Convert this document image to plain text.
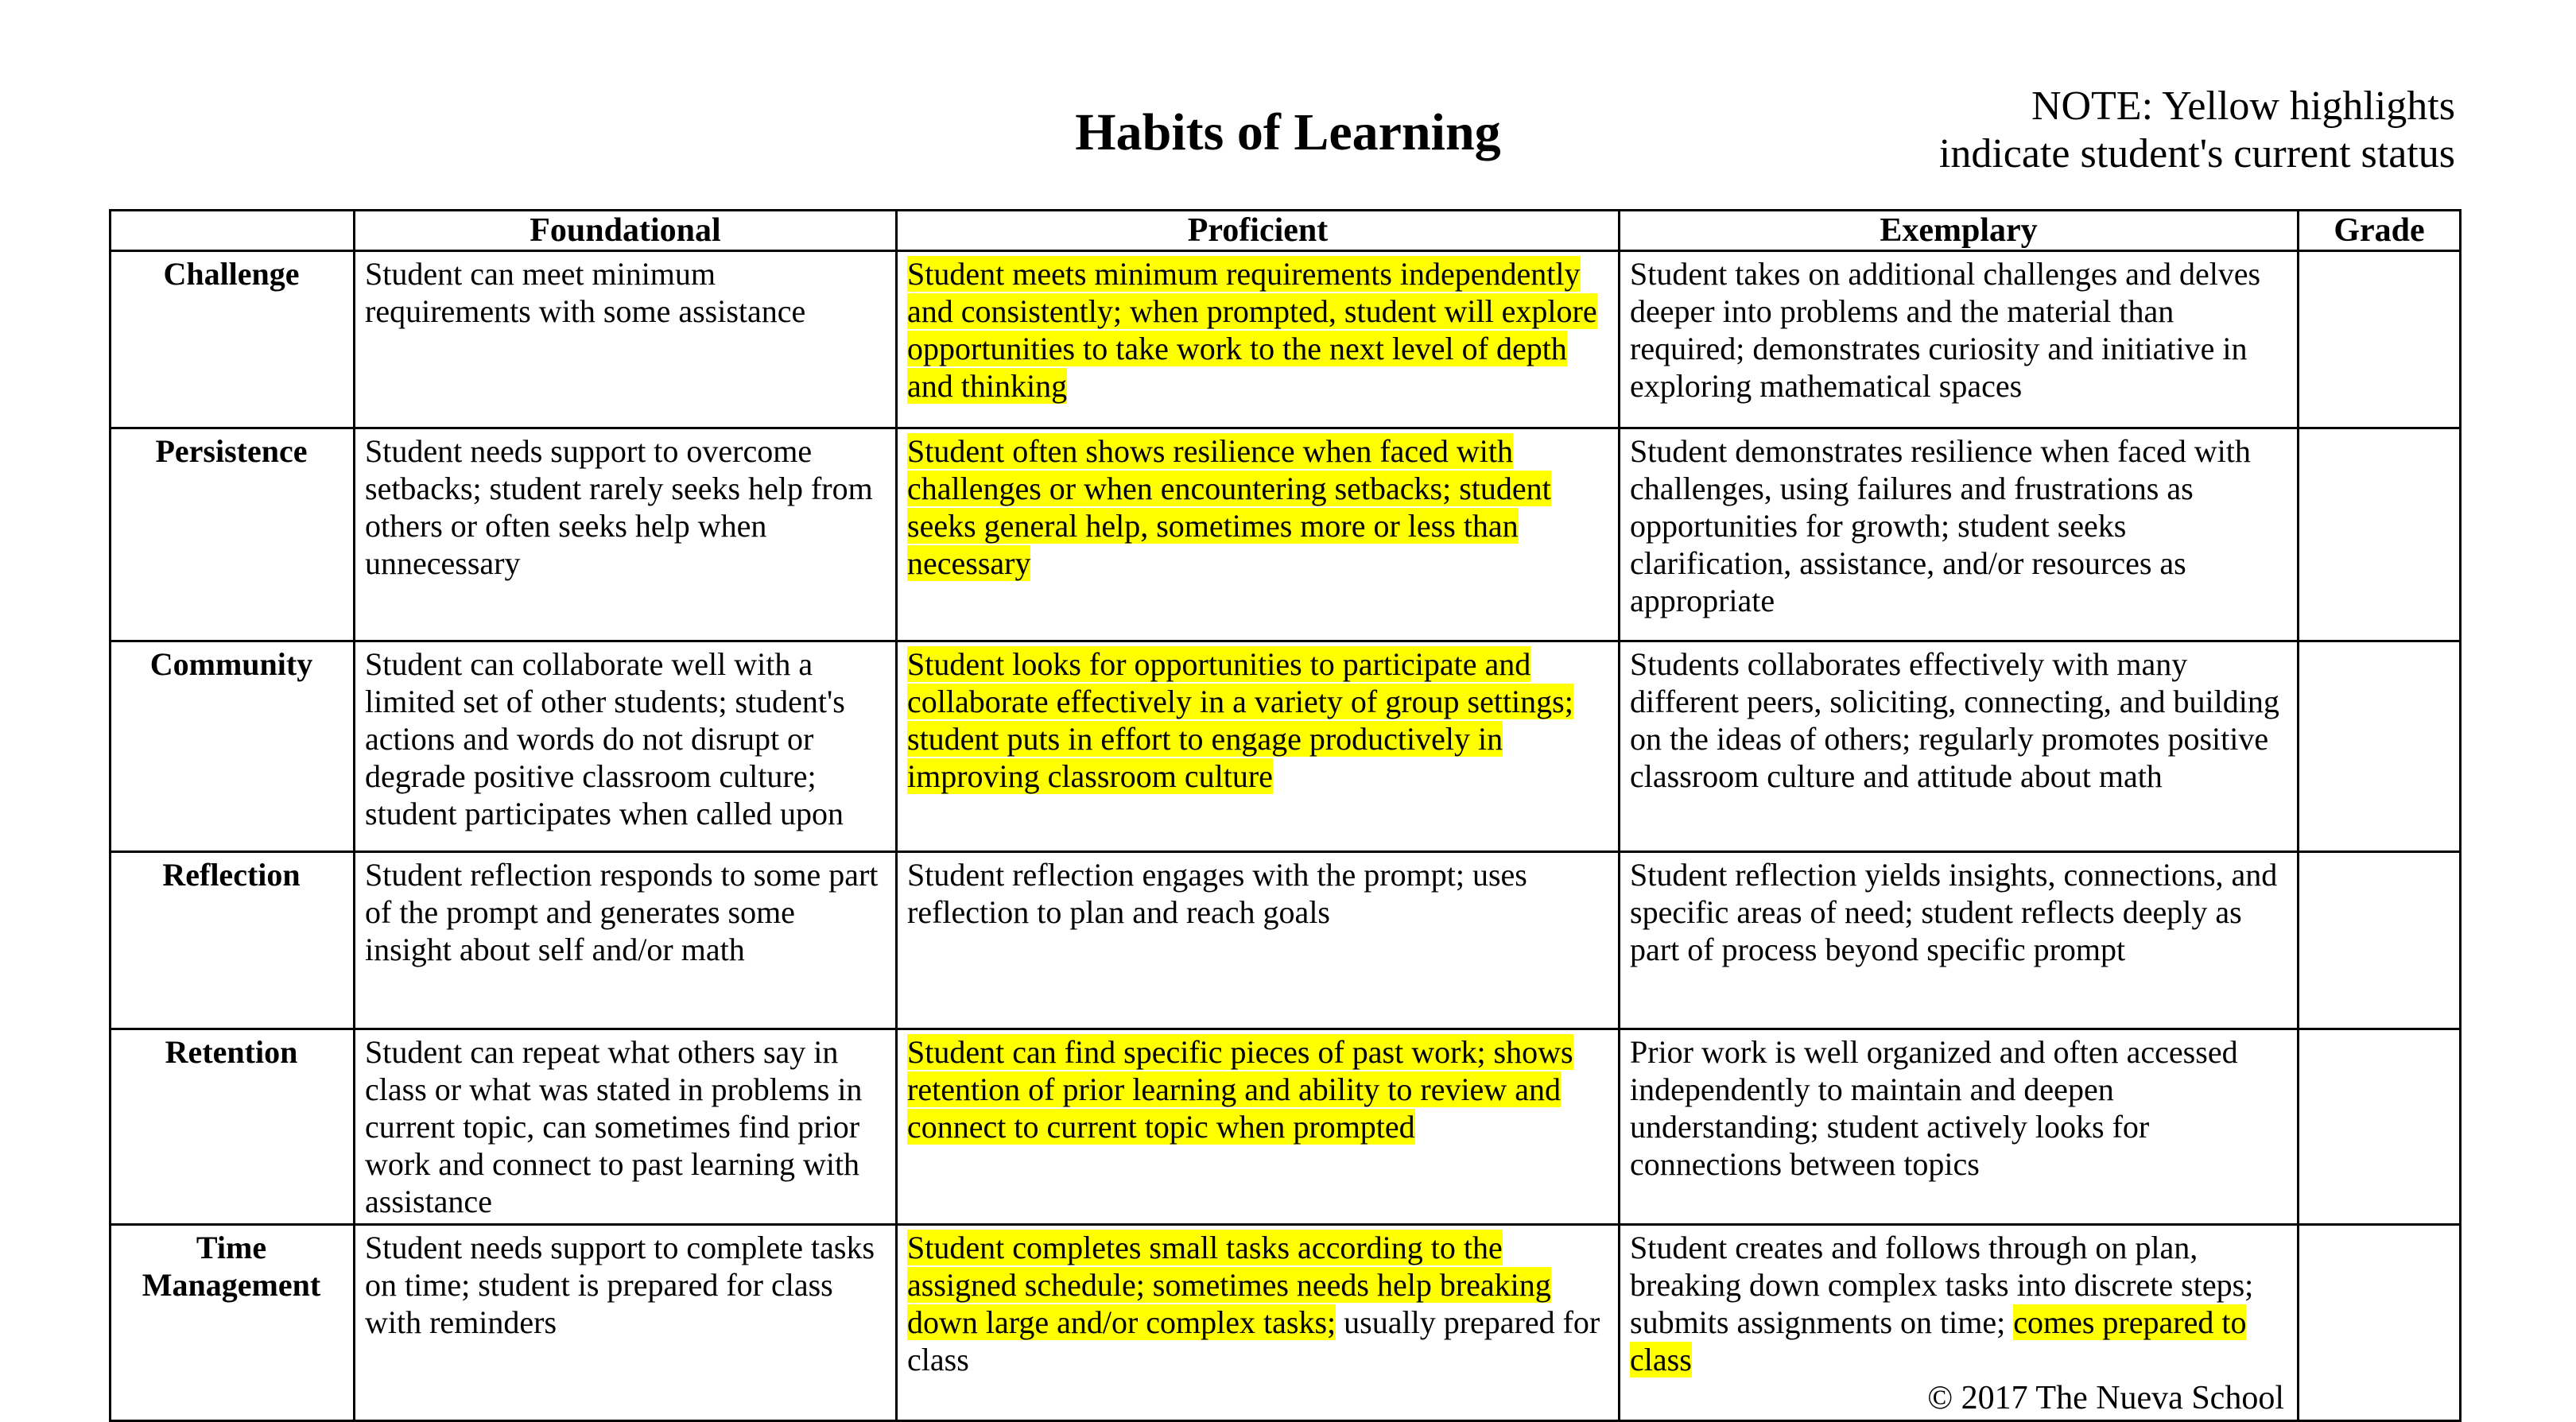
Habits of Learning	NOTE: Yellow highlights
indicate student's current status
	Foundational	Proficient	Exemplary	Grade
Challenge	Student can meet minimum requirements with some assistance	Student meets minimum requirements independently and consistently; when prompted, student will explore opportunities to take work to the next level of depth and thinking	Student takes on additional challenges and delves deeper into problems and the material than required; demonstrates curiosity and initiative in exploring mathematical spaces	
Persistence	Student needs support to overcome setbacks; student rarely seeks help from others or often seeks help when unnecessary	Student often shows resilience when faced with challenges or when encountering setbacks; student seeks general help, sometimes more or less than necessary	Student demonstrates resilience when faced with challenges, using failures and frustrations as opportunities for growth; student seeks clarification, assistance, and/or resources as appropriate	
Community	Student can collaborate well with a limited set of other students; student's actions and words do not disrupt or degrade positive classroom culture; student participates when called upon	Student looks for opportunities to participate and collaborate effectively in a variety of group settings; student puts in effort to engage productively in improving classroom culture	Students collaborates effectively with many different peers, soliciting, connecting, and building on the ideas of others; regularly promotes positive classroom culture and attitude about math	
Reflection	Student reflection responds to some part of the prompt and generates some insight about self and/or math	Student reflection engages with the prompt; uses reflection to plan and reach goals	Student reflection yields insights, connections, and specific areas of need; student reflects deeply as part of process beyond specific prompt	
Retention	Student can repeat what others say in class or what was stated in problems in current topic, can sometimes find prior work and connect to past learning with assistance	Student can find specific pieces of past work; shows retention of prior learning and ability to review and connect to current topic when prompted	Prior work is well organized and often accessed independently to maintain and deepen understanding; student actively looks for connections between topics	
Time Management	Student needs support to complete tasks on time; student is prepared for class with reminders	Student completes small tasks according to the assigned schedule; sometimes needs help breaking down large and/or complex tasks; usually prepared for class	Student creates and follows through on plan, breaking down complex tasks into discrete steps; submits assignments on time; comes prepared to class
© 2017 The Nueva School	
